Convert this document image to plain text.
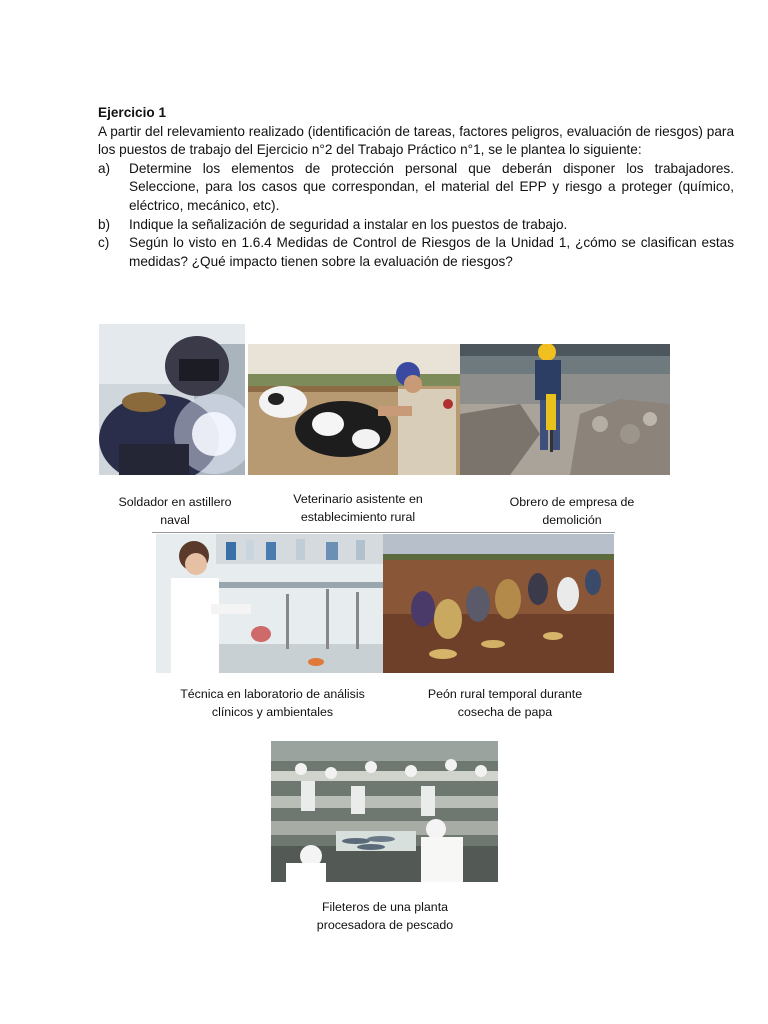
Ejercicio 1

A partir del relevamiento realizado (identificación de tareas, factores peligros, evaluación de riesgos) para los puestos de trabajo del Ejercicio n°2 del Trabajo Práctico n°1, se le plantea lo siguiente:

a)	Determine los elementos de protección personal que deberán disponer los trabajadores. Seleccione, para los casos que correspondan, el material del EPP y riesgo a proteger (químico, eléctrico, mecánico, etc).
b)	Indique la señalización de seguridad a instalar en los puestos de trabajo.
c)	Según lo visto en 1.6.4 Medidas de Control de Riesgos de la Unidad 1, ¿cómo se clasifican estas medidas? ¿Qué impacto tienen sobre la evaluación de riesgos?
Soldador en astillero
naval
Veterinario asistente en
establecimiento rural
Obrero de empresa de
demolición
Técnica en laboratorio de análisis
clínicos y ambientales
Peón rural temporal durante
cosecha de papa
Fileteros de una planta
procesadora de pescado
